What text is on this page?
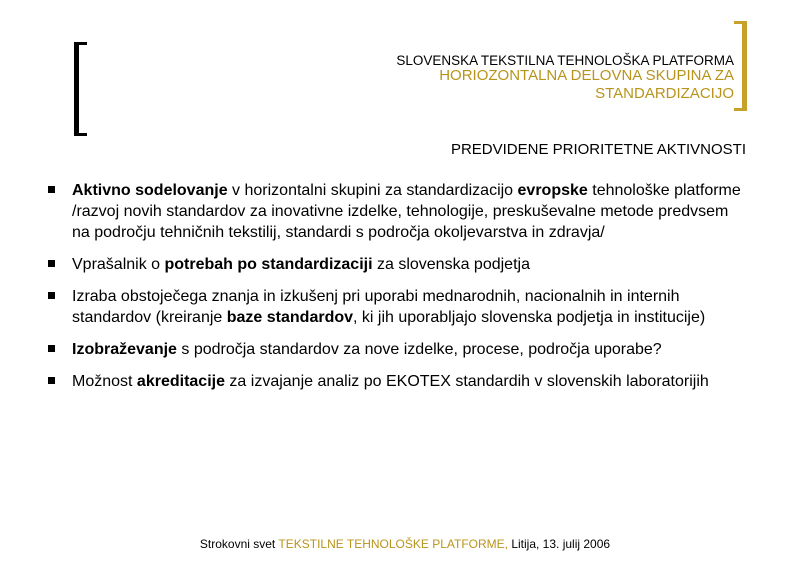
SLOVENSKA TEKSTILNA TEHNOLOŠKA PLATFORMA
HORIOZONTALNA DELOVNA SKUPINA ZA
STANDARDIZACIJO
PREDVIDENE PRIORITETNE AKTIVNOSTI
Aktivno sodelovanje v horizontalni skupini za standardizacijo evropske tehnološke platforme /razvoj novih standardov za inovativne izdelke, tehnologije, preskuševalne metode predvsem na področju tehničnih tekstilij, standardi s področja okoljevarstva in zdravja/
Vprašalnik o potrebah po standardizaciji za slovenska podjetja
Izraba obstoječega znanja in izkušenj pri uporabi mednarodnih, nacionalnih in internih standardov (kreiranje baze standardov, ki jih uporabljajo slovenska podjetja in institucije)
Izobraževanje s področja standardov za nove izdelke, procese, področja uporabe?
Možnost akreditacije za izvajanje analiz po EKOTEX standardih v slovenskih laboratorijih
Strokovni svet TEKSTILNE TEHNOLOŠKE PLATFORME, Litija, 13. julij 2006
